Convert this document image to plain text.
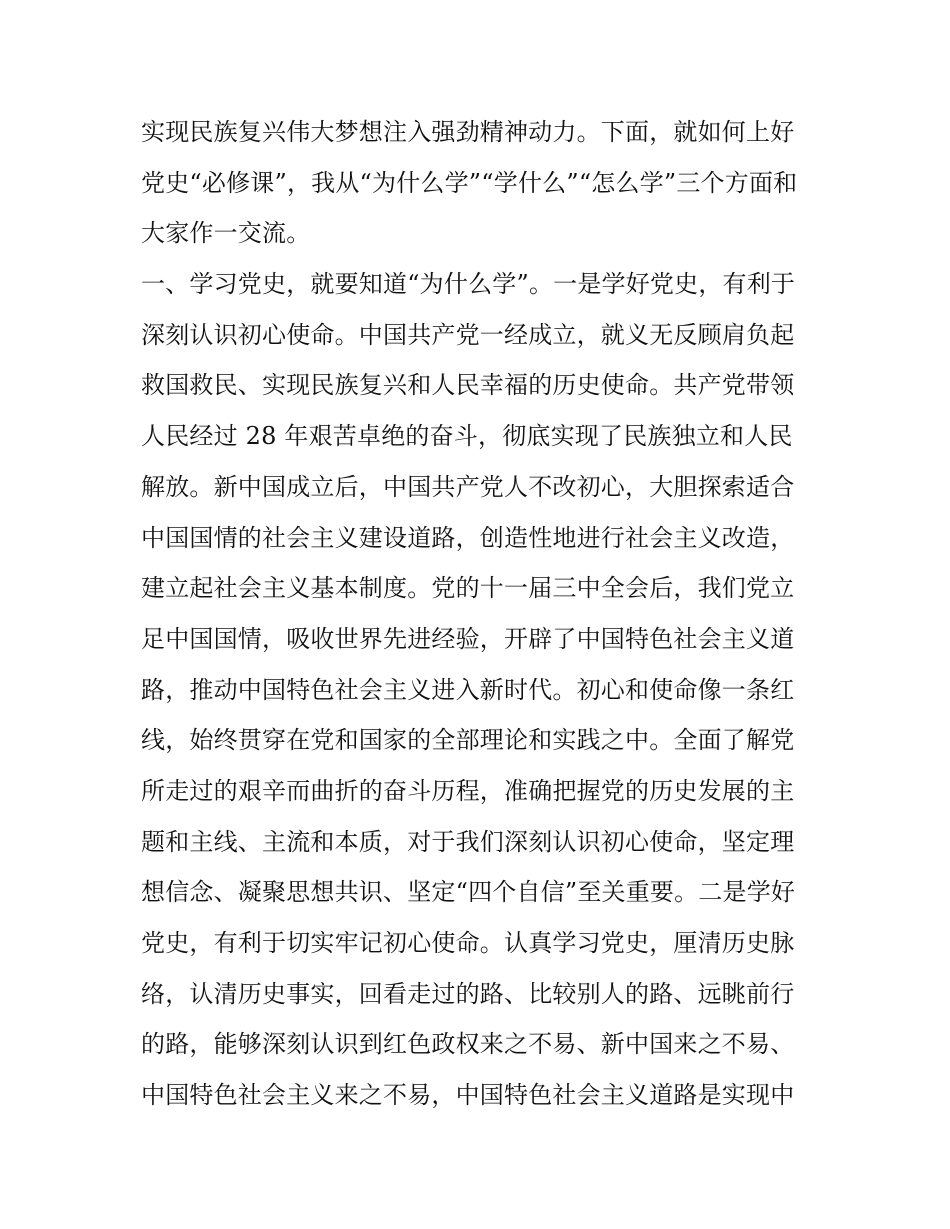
实现民族复兴伟大梦想注入强劲精神动力。下面，就如何上好
党史“必修课”，我从“为什么学”“学什么”“怎么学”三个方面和
大家作一交流。
一、学习党史，就要知道“为什么学”。一是学好党史，有利于
深刻认识初心使命。中国共产党一经成立，就义无反顾肩负起
救国救民、实现民族复兴和人民幸福的历史使命。共产党带领
人民经过 28 年艰苦卓绝的奋斗，彻底实现了民族独立和人民
解放。新中国成立后，中国共产党人不改初心，大胆探索适合
中国国情的社会主义建设道路，创造性地进行社会主义改造，
建立起社会主义基本制度。党的十一届三中全会后，我们党立
足中国国情，吸收世界先进经验，开辟了中国特色社会主义道
路，推动中国特色社会主义进入新时代。初心和使命像一条红
线，始终贯穿在党和国家的全部理论和实践之中。全面了解党
所走过的艰辛而曲折的奋斗历程，准确把握党的历史发展的主
题和主线、主流和本质，对于我们深刻认识初心使命，坚定理
想信念、凝聚思想共识、坚定“四个自信”至关重要。二是学好
党史，有利于切实牢记初心使命。认真学习党史，厘清历史脉
络，认清历史事实，回看走过的路、比较别人的路、远眺前行
的路，能够深刻认识到红色政权来之不易、新中国来之不易、
中国特色社会主义来之不易，中国特色社会主义道路是实现中
